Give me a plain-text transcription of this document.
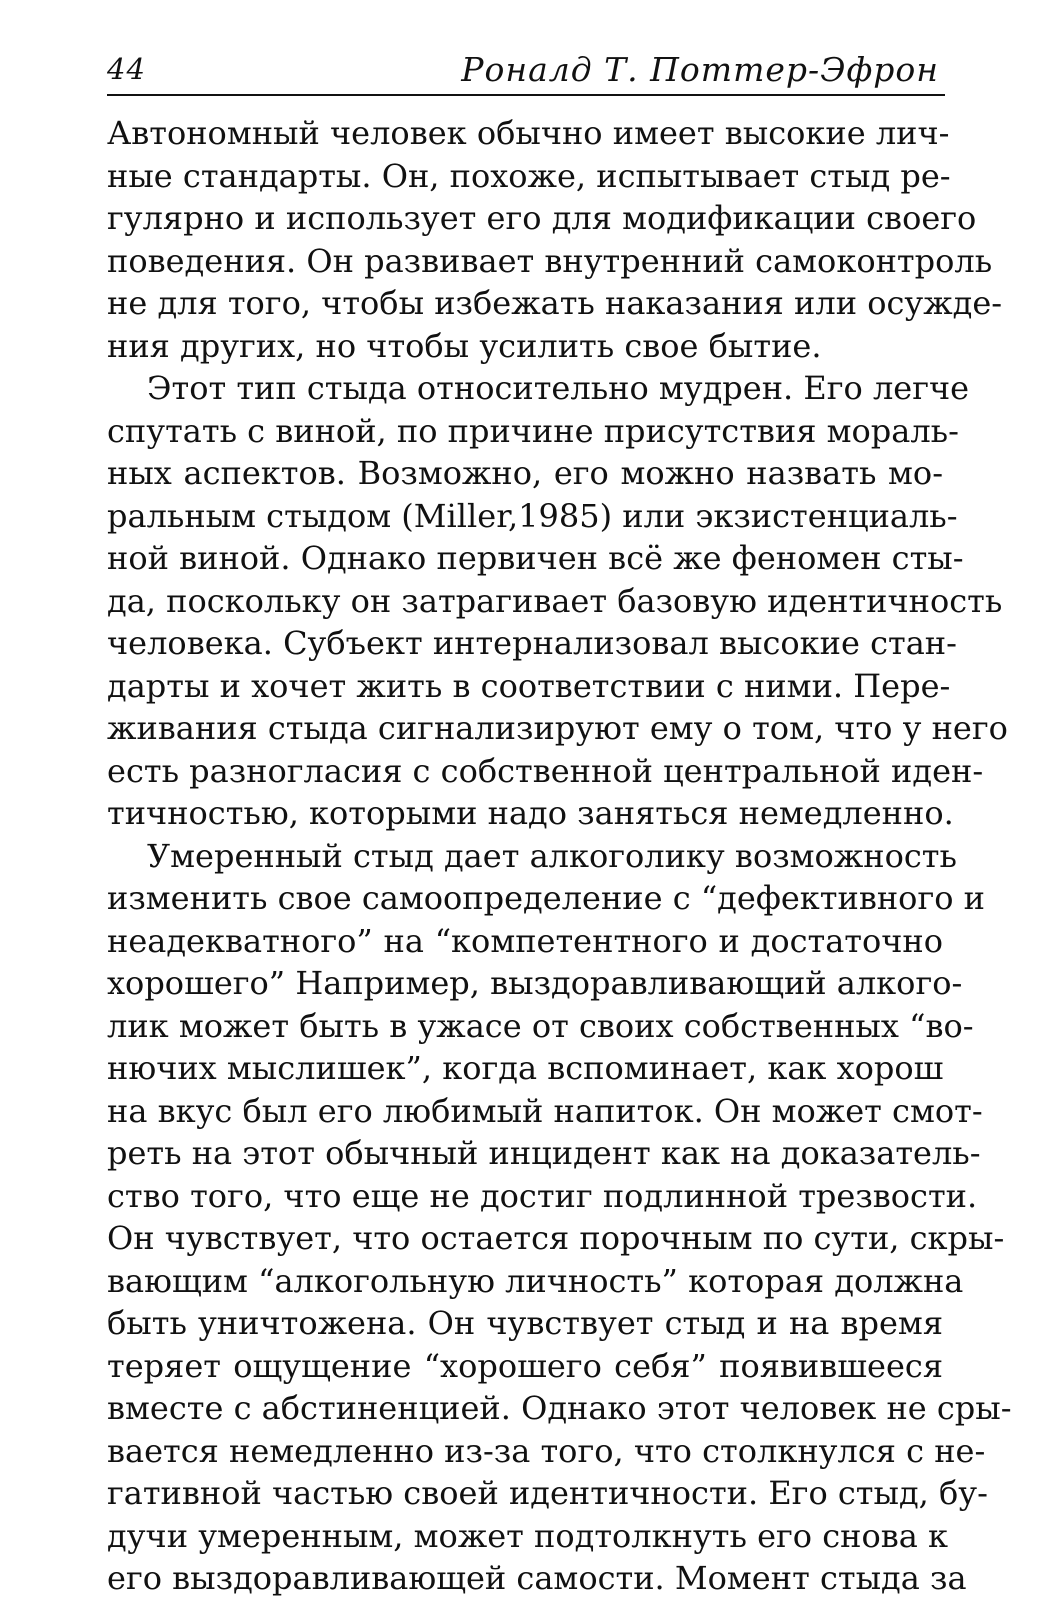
44	Роналд Т. Поттер-Эфрон
Автономный человек обычно имеет высокие лич-
ные стандарты. Он, похоже, испытывает стыд ре-
гулярно и использует его для модификации своего
поведения. Он развивает внутренний самоконтроль
не для того, чтобы избежать наказания или осужде-
ния других, но чтобы усилить свое бытие.
Этот тип стыда относительно мудрен. Его легче
спутать с виной, по причине присутствия мораль-
ных аспектов. Возможно, его можно назвать мо-
ральным стыдом (Miller,1985) или экзистенциаль-
ной виной. Однако первичен всё же феномен сты-
да, поскольку он затрагивает базовую идентичность
человека. Субъект интернализовал высокие стан-
дарты и хочет жить в соответствии с ними. Пере-
живания стыда сигнализируют ему о том, что у него
есть разногласия с собственной центральной иден-
тичностью, которыми надо заняться немедленно.
Умеренный стыд дает алкоголику возможность
изменить свое самоопределение с “дефективного и
неадекватного” на “компетентного и достаточно
хорошего” Например, выздоравливающий алкого-
лик может быть в ужасе от своих собственных “во-
нючих мыслишек”, когда вспоминает, как хорош
на вкус был его любимый напиток. Он может смот-
реть на этот обычный инцидент как на доказатель-
ство того, что еще не достиг подлинной трезвости.
Он чувствует, что остается порочным по сути, скры-
вающим “алкогольную личность” которая должна
быть уничтожена. Он чувствует стыд и на время
теряет ощущение “хорошего себя” появившееся
вместе с абстиненцией. Однако этот человек не сры-
вается немедленно из-за того, что столкнулся с не-
гативной частью своей идентичности. Его стыд, бу-
дучи умеренным, может подтолкнуть его снова к
его выздоравливающей самости. Момент стыда за
